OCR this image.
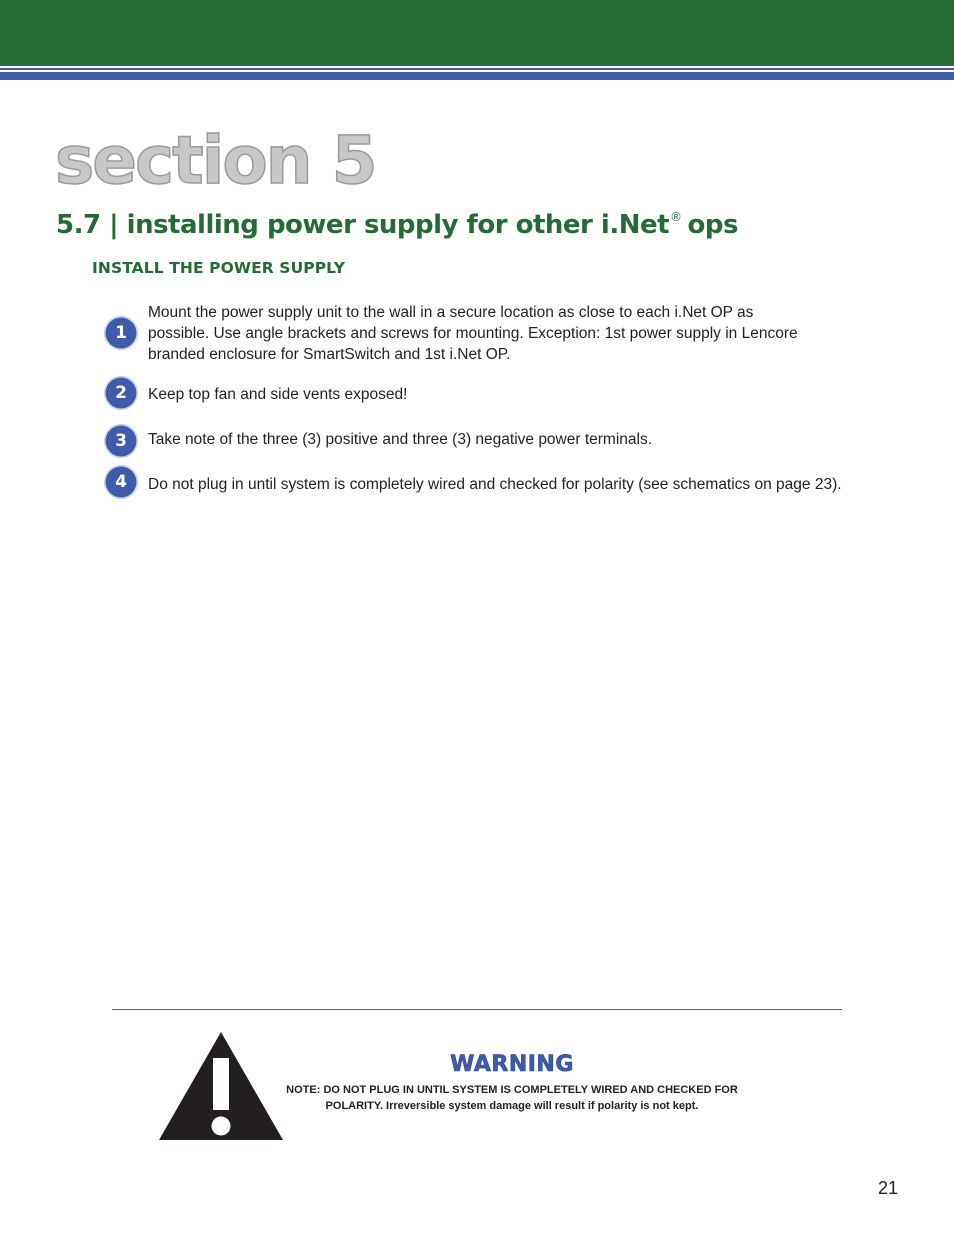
section 5
5.7 | installing power supply for other i.Net® ops
INSTALL THE POWER SUPPLY
1
Mount the power supply unit to the wall in a secure location as close to each i.Net OP as
possible. Use angle brackets and screws for mounting. Exception: 1st power supply in Lencore
branded enclosure for SmartSwitch and 1st i.Net OP.
2	Keep top fan and side vents exposed!
3	Take note of the three (3) positive and three (3) negative power terminals.
4	Do not plug in until system is completely wired and checked for polarity (see schematics on page 23).

WARNING

NOTE: DO NOT PLUG IN UNTIL SYSTEM IS COMPLETELY WIRED AND CHECKED FOR
POLARITY. Irreversible system damage will result if polarity is not kept.

21
